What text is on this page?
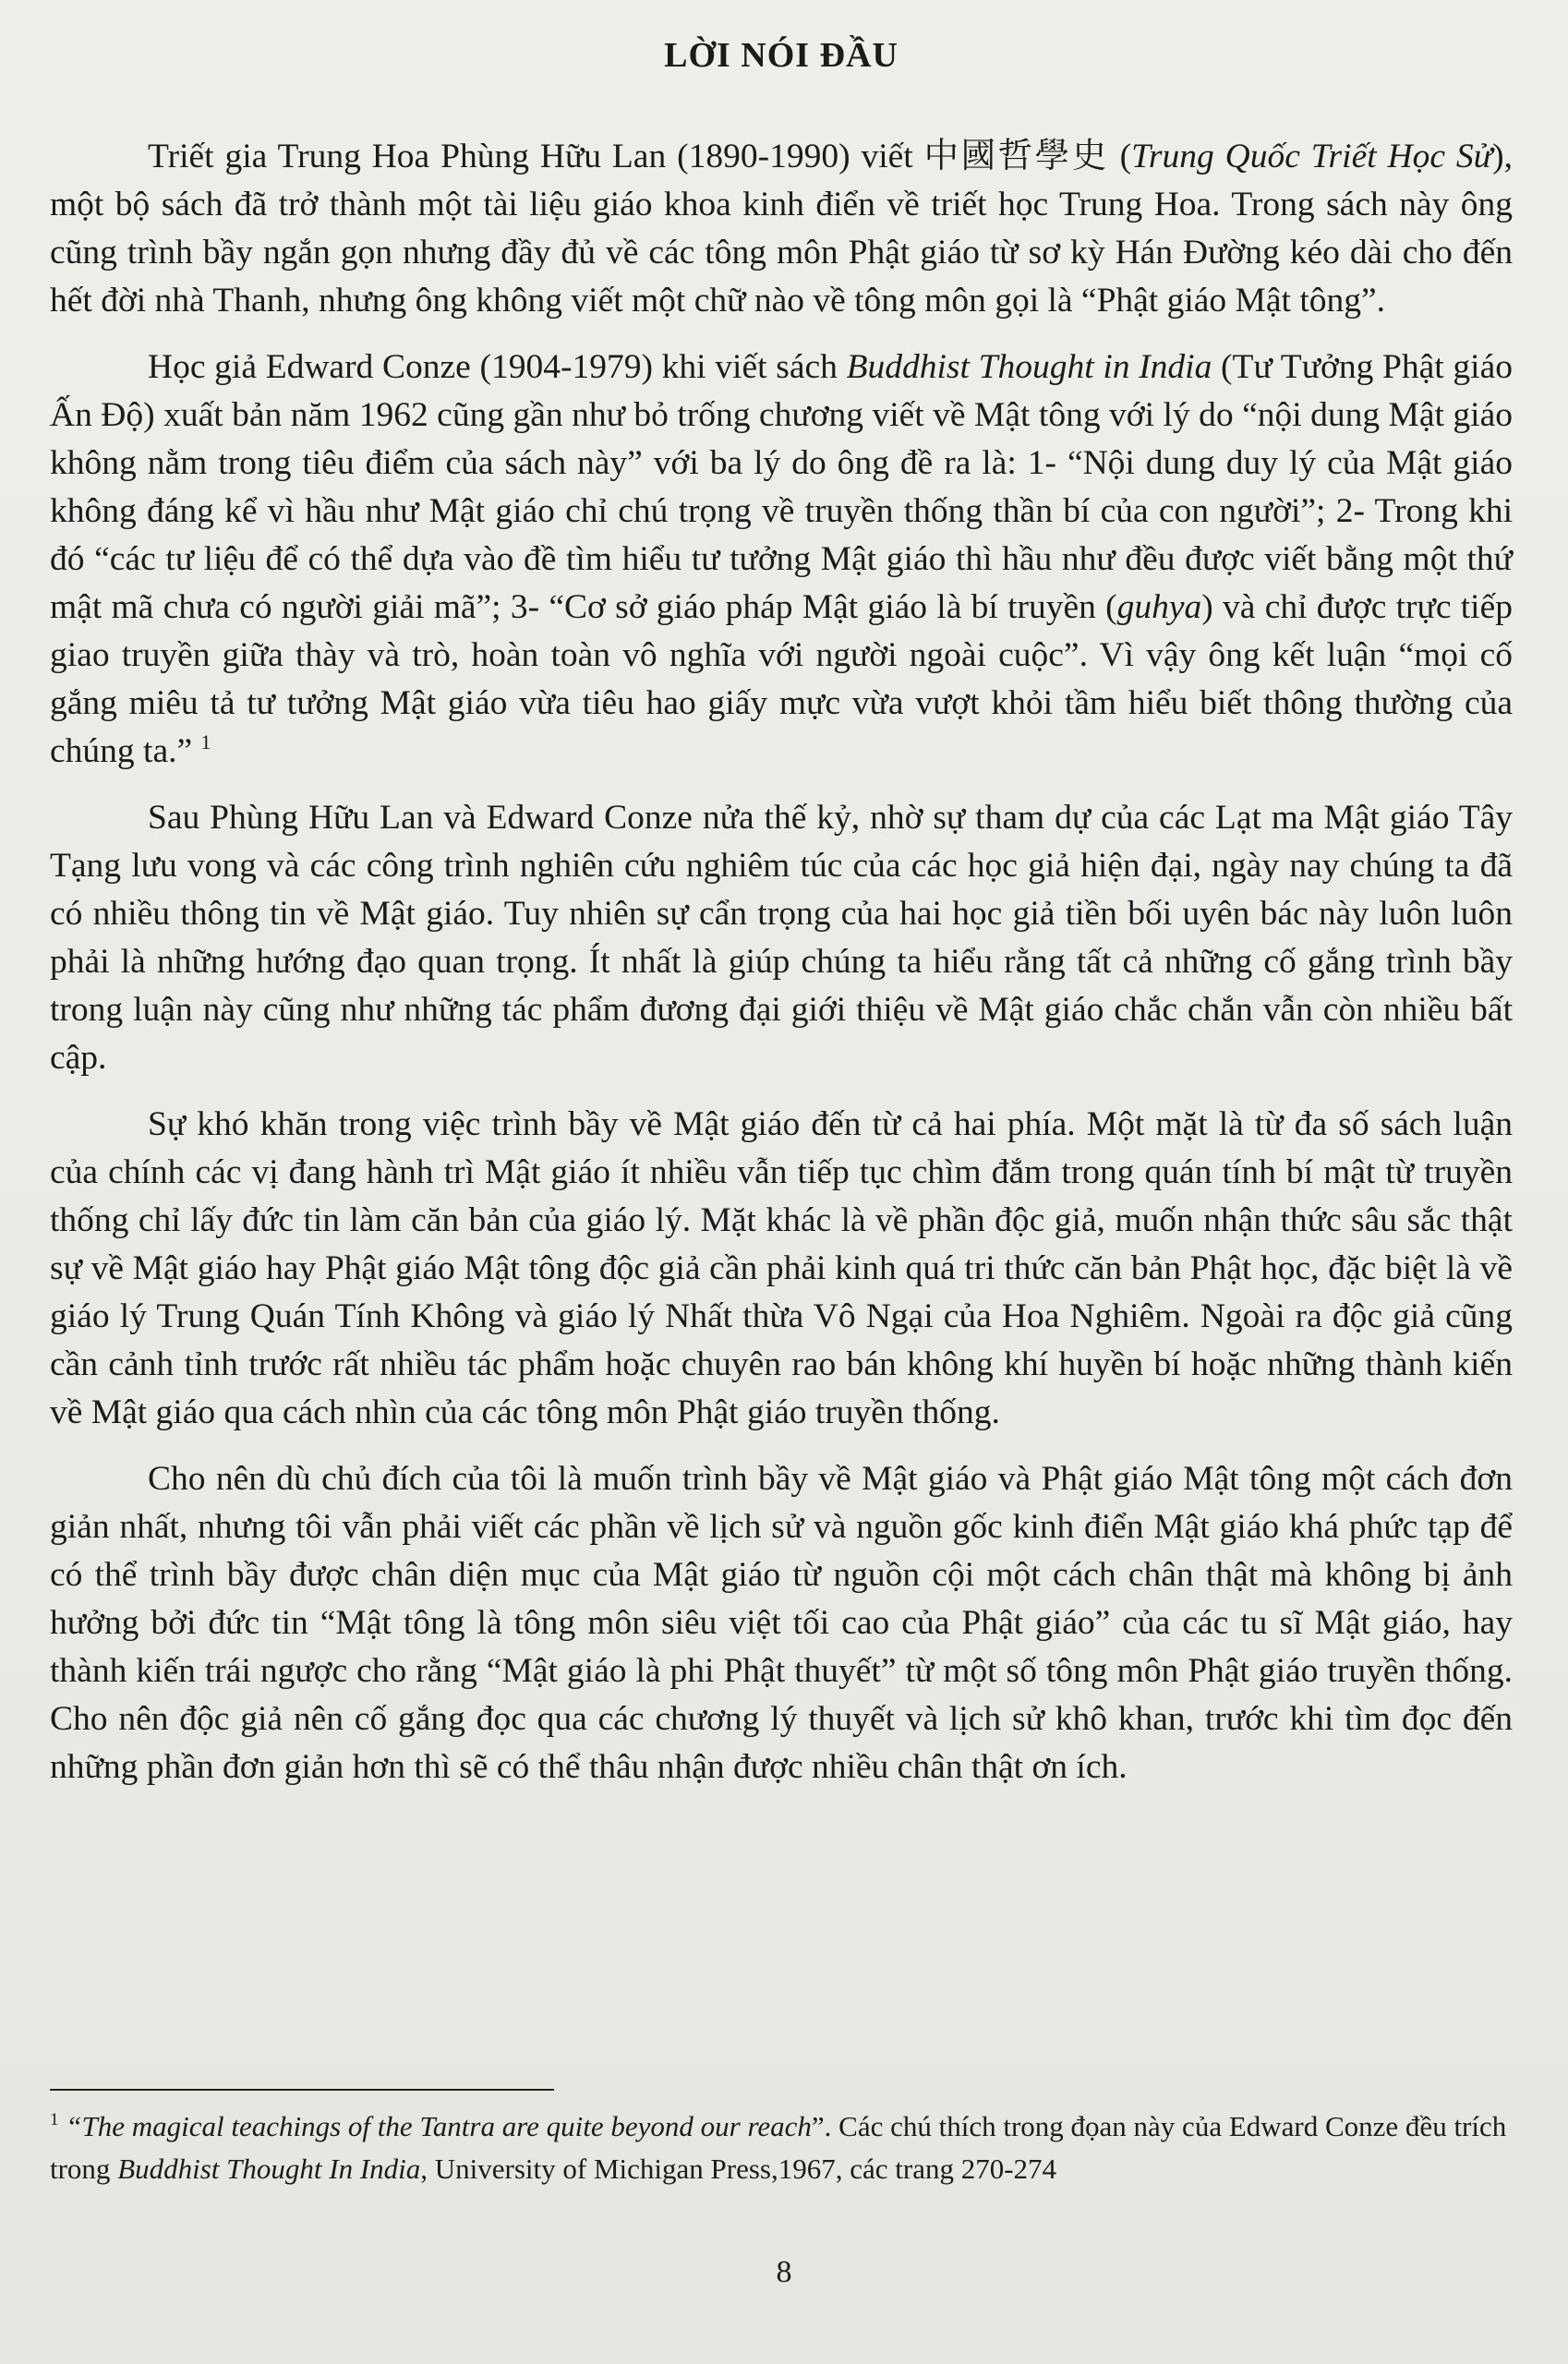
LỜI NÓI ĐẦU

Triết gia Trung Hoa Phùng Hữu Lan (1890-1990) viết 中國哲學史 (Trung Quốc Triết Học Sử), một bộ sách đã trở thành một tài liệu giáo khoa kinh điển về triết học Trung Hoa. Trong sách này ông cũng trình bầy ngắn gọn nhưng đầy đủ về các tông môn Phật giáo từ sơ kỳ Hán Đường kéo dài cho đến hết đời nhà Thanh, nhưng ông không viết một chữ nào về tông môn gọi là “Phật giáo Mật tông”.

Học giả Edward Conze (1904-1979) khi viết sách Buddhist Thought in India (Tư Tưởng Phật giáo Ấn Độ) xuất bản năm 1962 cũng gần như bỏ trống chương viết về Mật tông với lý do “nội dung Mật giáo không nằm trong tiêu điểm của sách này” với ba lý do ông đề ra là: 1- “Nội dung duy lý của Mật giáo không đáng kể vì hầu như Mật giáo chỉ chú trọng về truyền thống thần bí của con người”; 2- Trong khi đó “các tư liệu để có thể dựa vào đề tìm hiểu tư tưởng Mật giáo thì hầu như đều được viết bằng một thứ mật mã chưa có người giải mã”; 3- “Cơ sở giáo pháp Mật giáo là bí truyền (guhya) và chỉ được trực tiếp giao truyền giữa thày và trò, hoàn toàn vô nghĩa với người ngoài cuộc”. Vì vậy ông kết luận “mọi cố gắng miêu tả tư tưởng Mật giáo vừa tiêu hao giấy mực vừa vượt khỏi tầm hiểu biết thông thường của chúng ta.” $^1$

Sau Phùng Hữu Lan và Edward Conze nửa thế kỷ, nhờ sự tham dự của các Lạt ma Mật giáo Tây Tạng lưu vong và các công trình nghiên cứu nghiêm túc của các học giả hiện đại, ngày nay chúng ta đã có nhiều thông tin về Mật giáo. Tuy nhiên sự cẩn trọng của hai học giả tiền bối uyên bác này luôn luôn phải là những hướng đạo quan trọng. Ít nhất là giúp chúng ta hiểu rằng tất cả những cố gắng trình bầy trong luận này cũng như những tác phẩm đương đại giới thiệu về Mật giáo chắc chắn vẫn còn nhiều bất cập.

Sự khó khăn trong việc trình bầy về Mật giáo đến từ cả hai phía. Một mặt là từ đa số sách luận của chính các vị đang hành trì Mật giáo ít nhiều vẫn tiếp tục chìm đắm trong quán tính bí mật từ truyền thống chỉ lấy đức tin làm căn bản của giáo lý. Mặt khác là về phần độc giả, muốn nhận thức sâu sắc thật sự về Mật giáo hay Phật giáo Mật tông độc giả cần phải kinh quá tri thức căn bản Phật học, đặc biệt là về giáo lý Trung Quán Tính Không và giáo lý Nhất thừa Vô Ngại của Hoa Nghiêm. Ngoài ra độc giả cũng cần cảnh tỉnh trước rất nhiều tác phẩm hoặc chuyên rao bán không khí huyền bí hoặc những thành kiến về Mật giáo qua cách nhìn của các tông môn Phật giáo truyền thống.

Cho nên dù chủ đích của tôi là muốn trình bầy về Mật giáo và Phật giáo Mật tông một cách đơn giản nhất, nhưng tôi vẫn phải viết các phần về lịch sử và nguồn gốc kinh điển Mật giáo khá phức tạp để có thể trình bầy được chân diện mục của Mật giáo từ nguồn cội một cách chân thật mà không bị ảnh hưởng bởi đức tin “Mật tông là tông môn siêu việt tối cao của Phật giáo” của các tu sĩ Mật giáo, hay thành kiến trái ngược cho rằng “Mật giáo là phi Phật thuyết” từ một số tông môn Phật giáo truyền thống. Cho nên độc giả nên cố gắng đọc qua các chương lý thuyết và lịch sử khô khan, trước khi tìm đọc đến những phần đơn giản hơn thì sẽ có thể thâu nhận được nhiều chân thật ơn ích.

$^1$ “The magical teachings of the Tantra are quite beyond our reach”. Các chú thích trong đọan này của Edward Conze đều trích trong Buddhist Thought In India, University of Michigan Press,1967, các trang 270-274
8
